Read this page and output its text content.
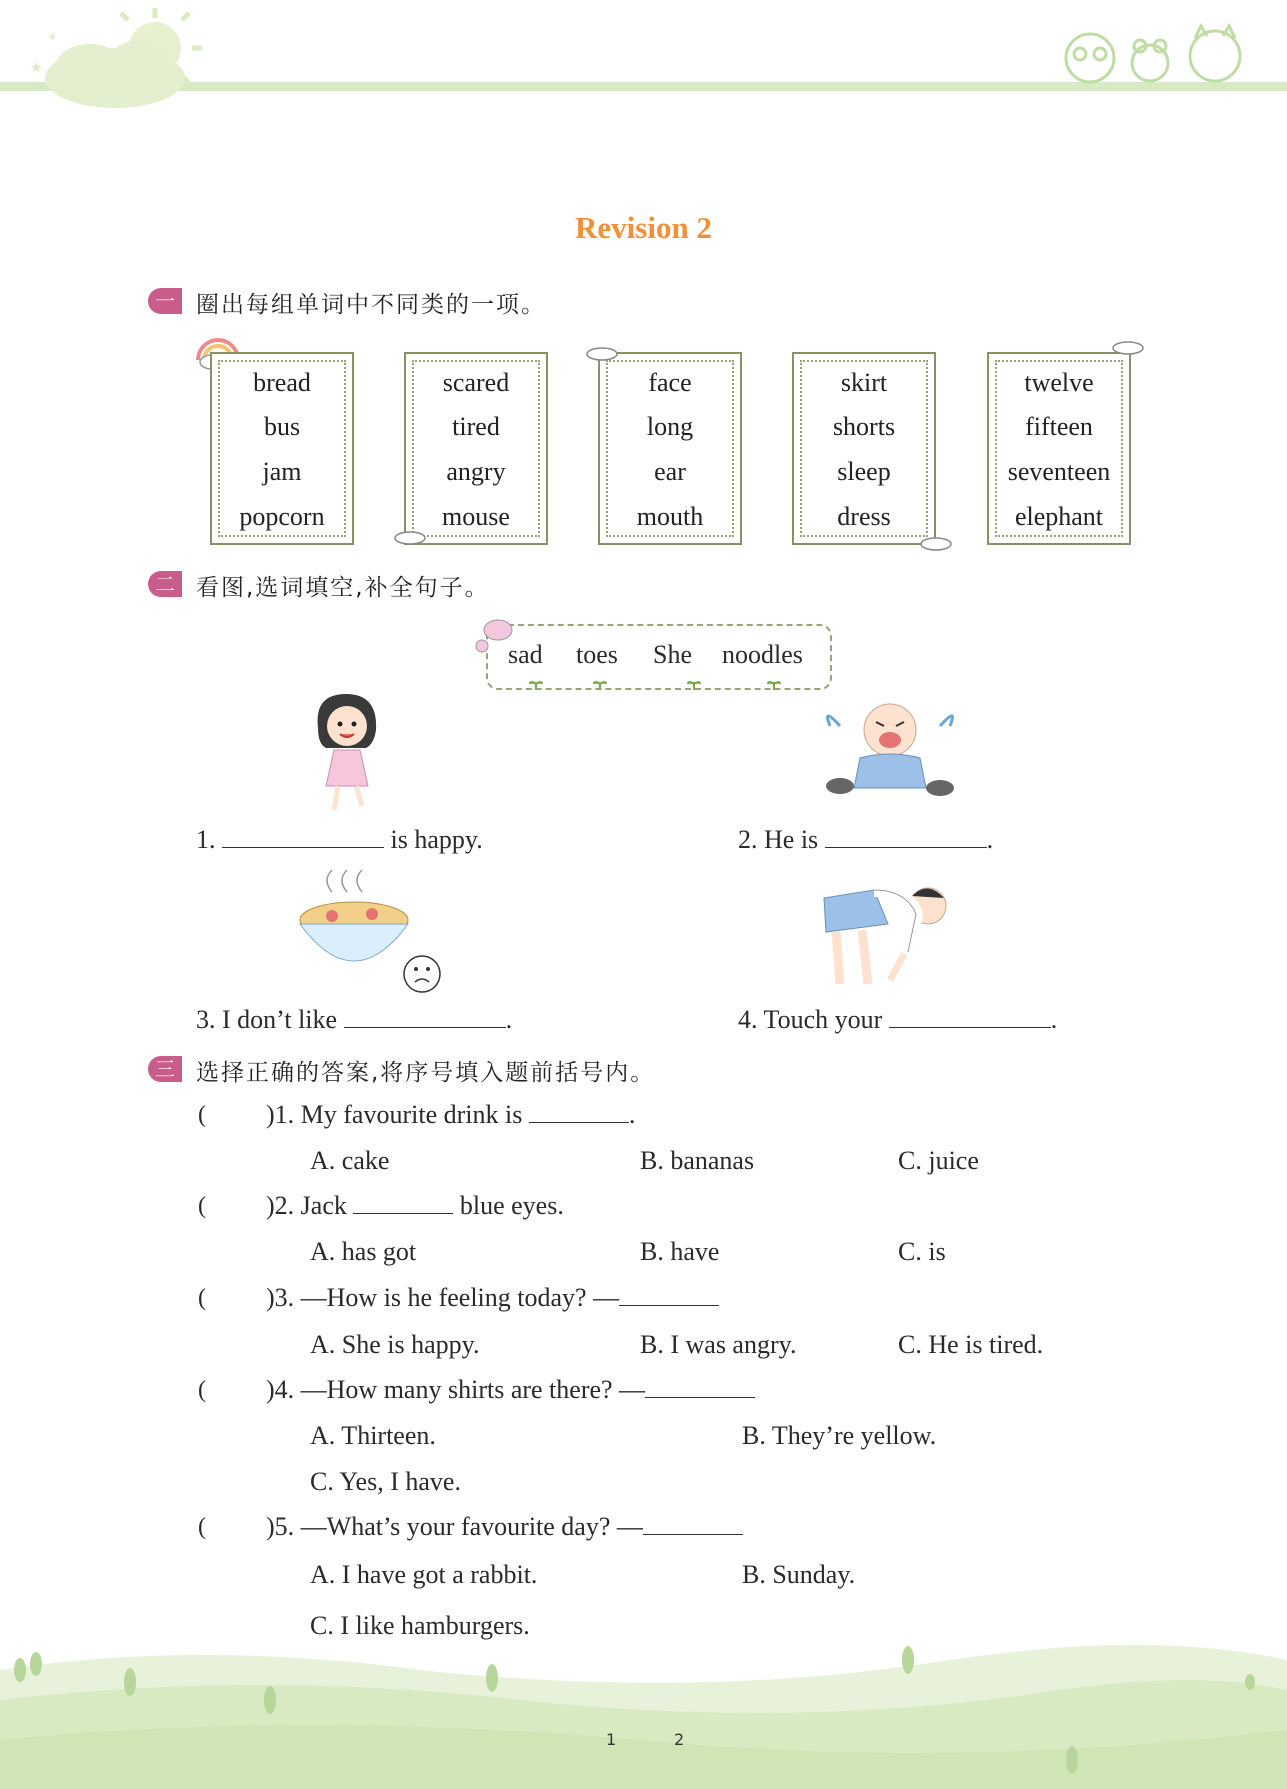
★
★
Revision 2
一 圈出每组单词中不同类的一项。
bread
bus
jam
popcorn
scared
tired
angry
mouse
face
long
ear
mouth
skirt
shorts
sleep
dress
twelve
fifteen
seventeen
elephant
二 看图,选词填空,补全句子。
sad toes She noodles
1.	is happy.	2. He is	.
3. I don’t like	.	4. Touch your	.
三 选择正确的答案,将序号填入题前括号内。
( )1. My favourite drink is	.
A. cake	B. bananas	C. juice
( )2. Jack	blue eyes.
A. has got	B. have	C. is
( )3. —How is he feeling today? —
A. She is happy.	B. I was angry.	C. He is tired.
( )4. —How many shirts are there? —
A. Thirteen.	B. They’re yellow.
C. Yes, I have.
( )5. —What’s your favourite day? —
A. I have got a rabbit.	B. Sunday.
C. I like hamburgers.
1	2
